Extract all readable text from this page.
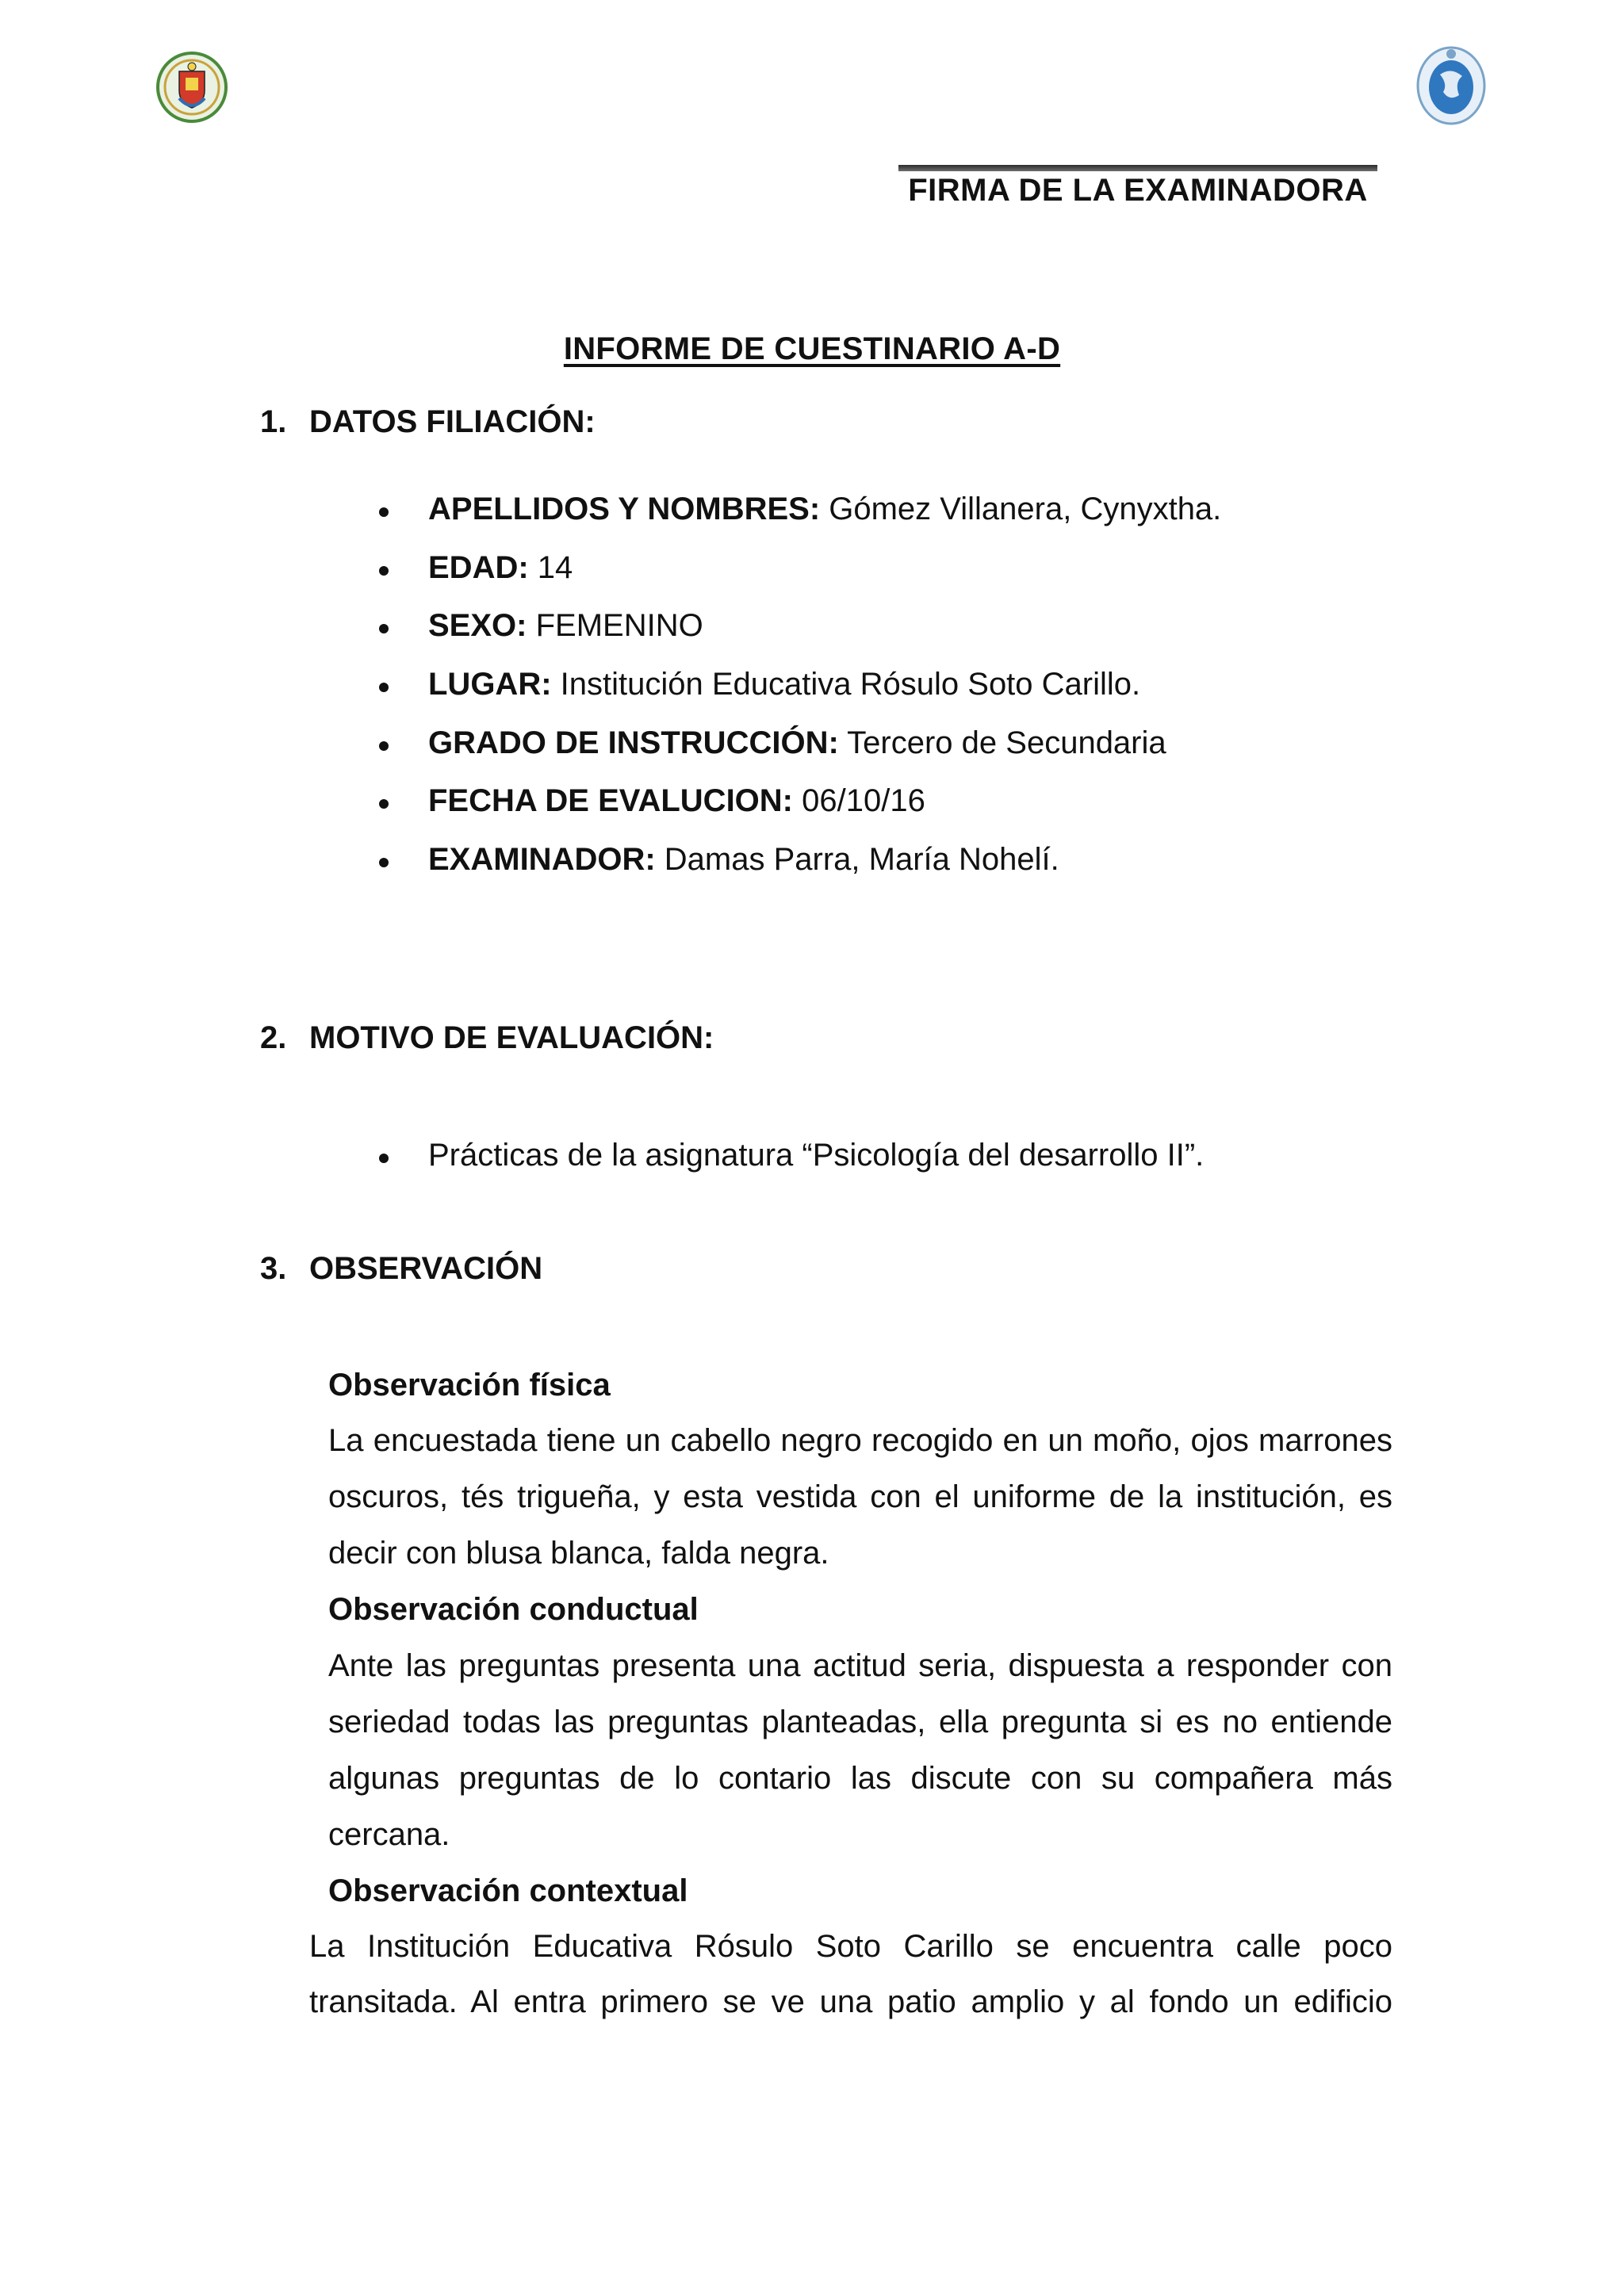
FIRMA DE LA EXAMINADORA
INFORME DE CUESTINARIO A-D
1. DATOS FILIACIÓN:
APELLIDOS Y NOMBRES: Gómez Villanera, Cynyxtha.
EDAD: 14
SEXO: FEMENINO
LUGAR: Institución Educativa Rósulo Soto Carillo.
GRADO DE INSTRUCCIÓN: Tercero de Secundaria
FECHA DE EVALUCION: 06/10/16
EXAMINADOR: Damas Parra, María Nohelí.
2. MOTIVO DE EVALUACIÓN:
Prácticas de la asignatura “Psicología del desarrollo II”.
3. OBSERVACIÓN
Observación física
La encuestada tiene un cabello negro recogido en un moño, ojos marrones oscuros, tés trigueña, y esta vestida con el uniforme de la institución, es decir con blusa blanca, falda negra.
Observación conductual
Ante las preguntas presenta una actitud seria, dispuesta a responder con seriedad todas las preguntas planteadas, ella pregunta si es no entiende algunas preguntas de lo contario las discute con su compañera más cercana.
Observación contextual
La Institución Educativa Rósulo Soto Carillo se encuentra calle poco
transitada. Al entra primero se ve una patio amplio y al fondo un edificio
